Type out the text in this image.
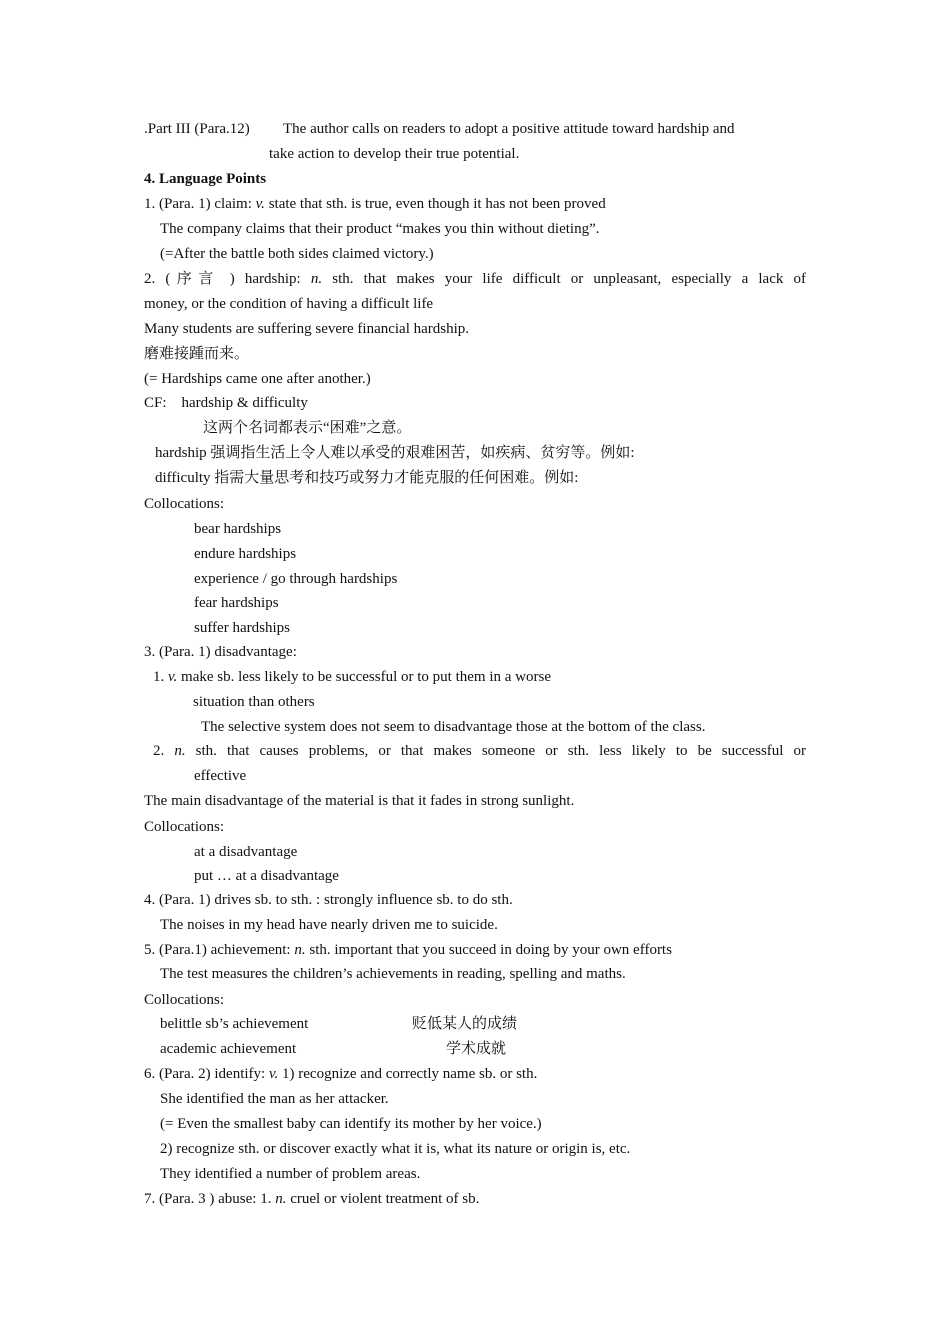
.Part III (Para.12) The author calls on readers to adopt a positive attitude toward hardship and
take action to develop their true potential.
4. Language Points
1. (Para. 1) claim: v. state that sth. is true, even though it has not been proved
The company claims that their product “makes you thin without dieting”.
(=After the battle both sides claimed victory.)
2. (序言 ) hardship: n. sth. that makes your life difficult or unpleasant, especially a lack of
money, or the condition of having a difficult life
Many students are suffering severe financial hardship.
磨难接踵而来。
(= Hardships came one after another.)
CF:    hardship & difficulty
这两个名词都表示“困难”之意。
hardship 强调指生活上令人难以承受的艰难困苦，如疾病、贫穷等。例如:
difficulty 指需大量思考和技巧或努力才能克服的任何困难。例如:
Collocations:
bear hardships
endure hardships
experience / go through hardships
fear hardships
suffer hardships
3. (Para. 1) disadvantage:
1. v. make sb. less likely to be successful or to put them in a worse
situation than others
The selective system does not seem to disadvantage those at the bottom of the class.
2. n. sth. that causes problems, or that makes someone or sth. less likely to be successful or
effective
The main disadvantage of the material is that it fades in strong sunlight.
Collocations:
at a disadvantage
put … at a disadvantage
4. (Para. 1) drives sb. to sth. : strongly influence sb. to do sth.
The noises in my head have nearly driven me to suicide.
5. (Para.1) achievement: n. sth. important that you succeed in doing by your own efforts
The test measures the children’s achievements in reading, spelling and maths.
Collocations:
belittle sb’s achievement	贬低某人的成绩
academic achievement	学术成就
6. (Para. 2) identify: v. 1) recognize and correctly name sb. or sth.
She identified the man as her attacker.
(= Even the smallest baby can identify its mother by her voice.)
2) recognize sth. or discover exactly what it is, what its nature or origin is, etc.
They identified a number of problem areas.
7. (Para. 3 ) abuse: 1. n. cruel or violent treatment of sb.
